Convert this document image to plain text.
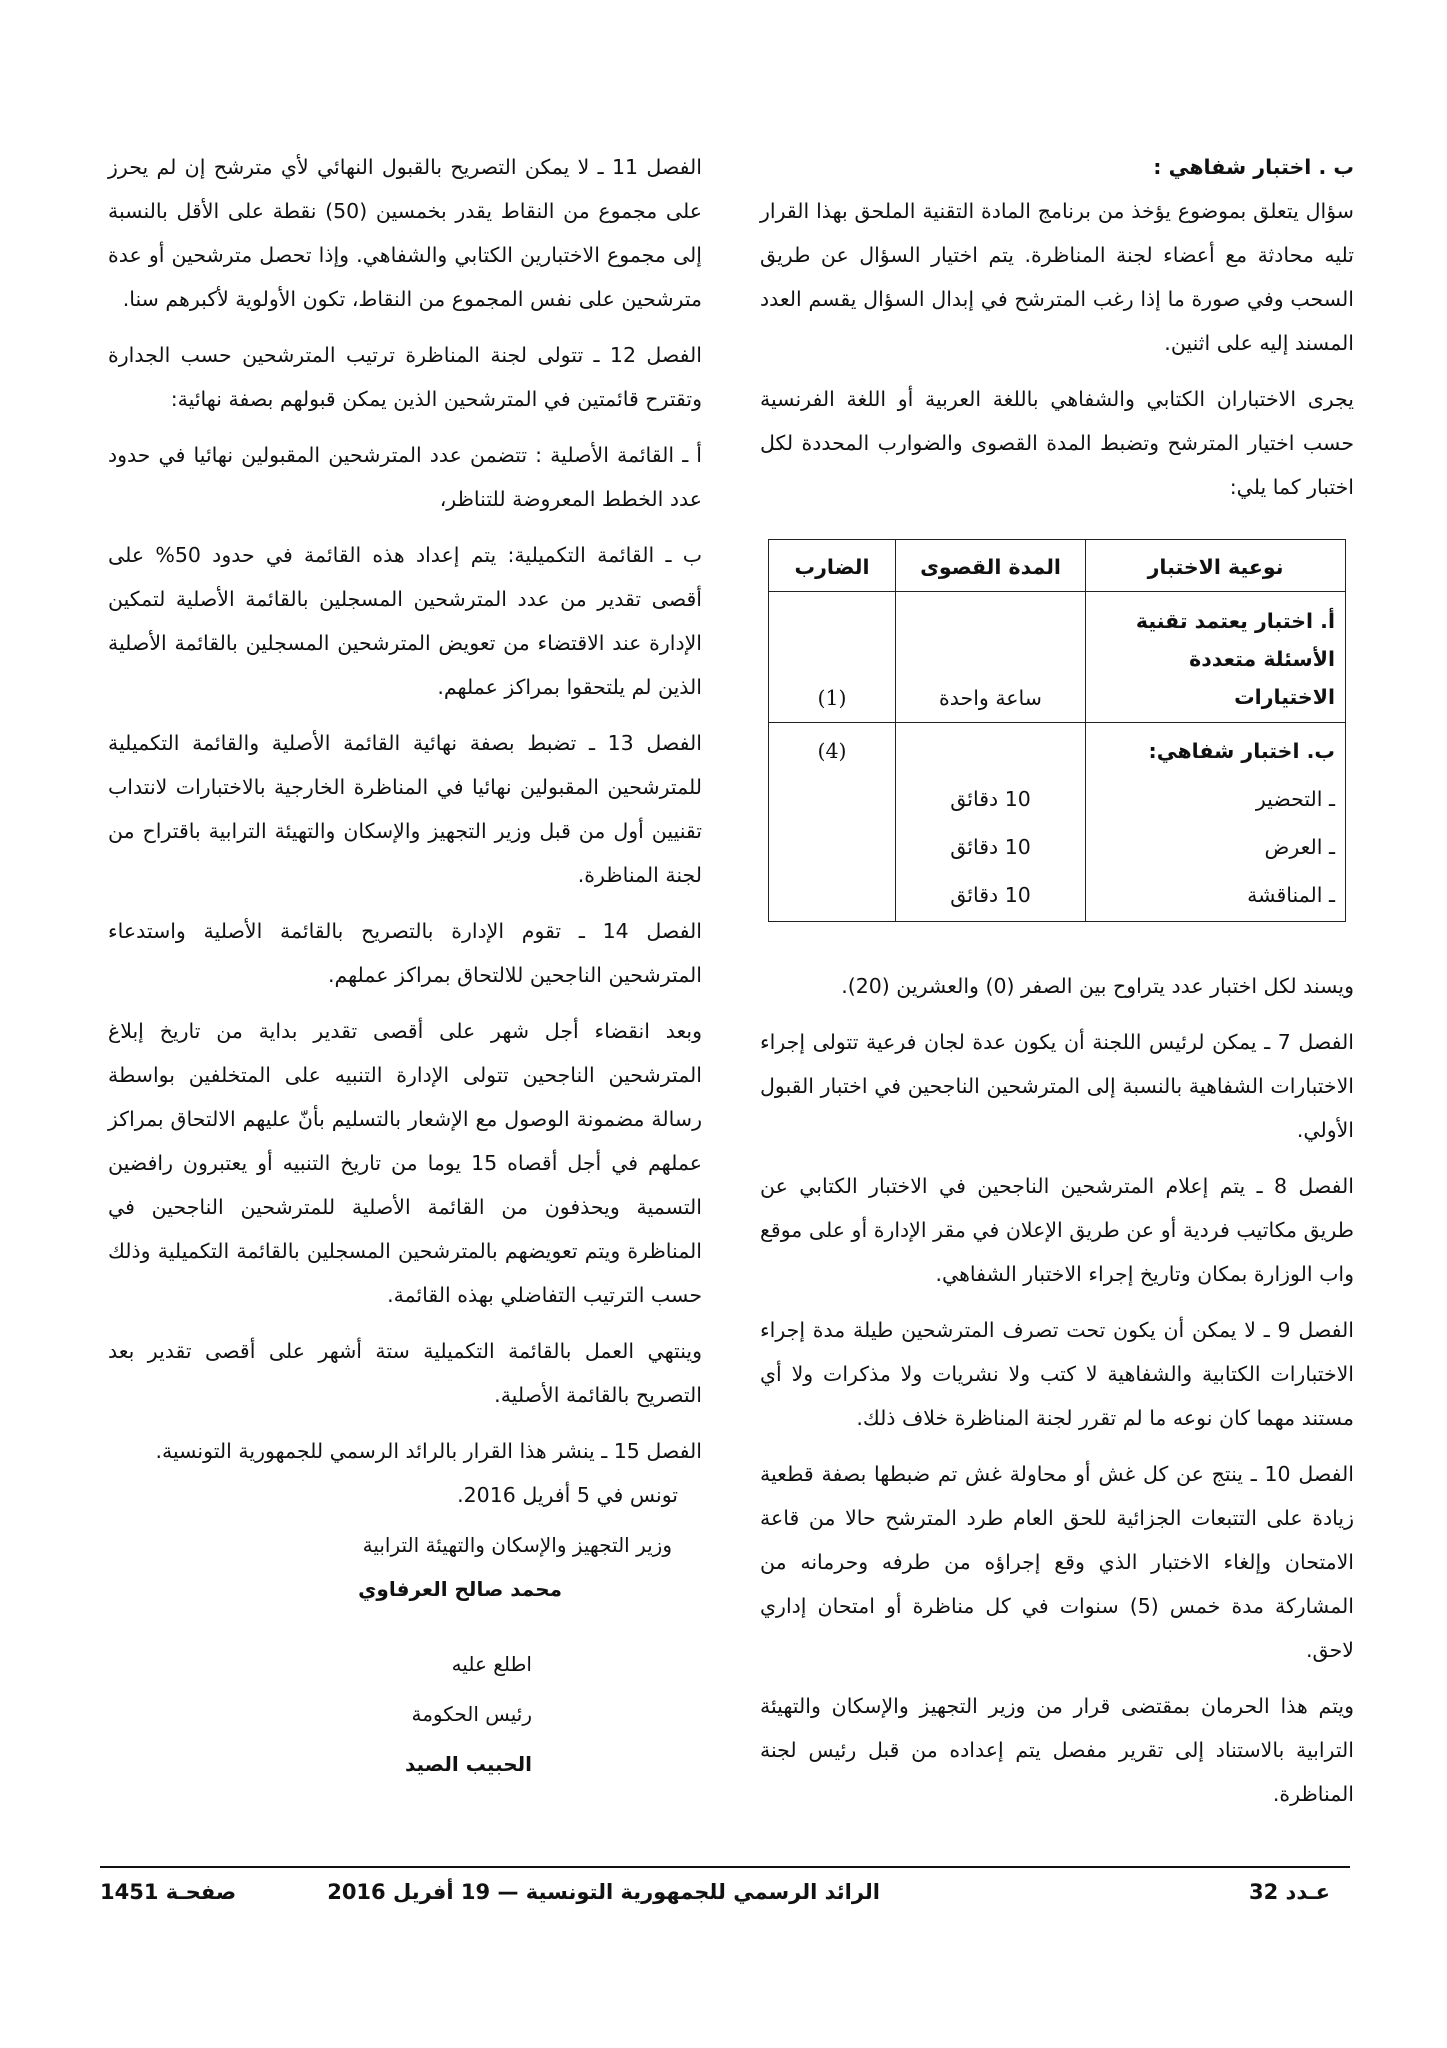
ب . اختبار شفاهي :

سؤال يتعلق بموضوع يؤخذ من برنامج المادة التقنية الملحق بهذا القرار تليه محادثة مع أعضاء لجنة المناظرة. يتم اختيار السؤال عن طريق السحب وفي صورة ما إذا رغب المترشح في إبدال السؤال يقسم العدد المسند إليه على اثنين.

يجرى الاختباران الكتابي والشفاهي باللغة العربية أو اللغة الفرنسية حسب اختيار المترشح وتضبط المدة القصوى والضوارب المحددة لكل اختبار كما يلي:

نوعية الاختبار	المدة القصوى	الضارب
أ. اختبار يعتمد تقنية الأسئلة متعددة الاختيارات	ساعة واحدة	(1)
ب. اختبار شفاهي:		(4)
ـ التحضير	10 دقائق	
ـ العرض	10 دقائق	
ـ المناقشة	10 دقائق	

ويسند لكل اختبار عدد يتراوح بين الصفر (0) والعشرين (20).

الفصل 7 ـ يمكن لرئيس اللجنة أن يكون عدة لجان فرعية تتولى إجراء الاختبارات الشفاهية بالنسبة إلى المترشحين الناجحين في اختبار القبول الأولي.

الفصل 8 ـ يتم إعلام المترشحين الناجحين في الاختبار الكتابي عن طريق مكاتيب فردية أو عن طريق الإعلان في مقر الإدارة أو على موقع واب الوزارة بمكان وتاريخ إجراء الاختبار الشفاهي.

الفصل 9 ـ لا يمكن أن يكون تحت تصرف المترشحين طيلة مدة إجراء الاختبارات الكتابية والشفاهية لا كتب ولا نشريات ولا مذكرات ولا أي مستند مهما كان نوعه ما لم تقرر لجنة المناظرة خلاف ذلك.

الفصل 10 ـ ينتج عن كل غش أو محاولة غش تم ضبطها بصفة قطعية زيادة على التتبعات الجزائية للحق العام طرد المترشح حالا من قاعة الامتحان وإلغاء الاختبار الذي وقع إجراؤه من طرفه وحرمانه من المشاركة مدة خمس (5) سنوات في كل مناظرة أو امتحان إداري لاحق.

ويتم هذا الحرمان بمقتضى قرار من وزير التجهيز والإسكان والتهيئة الترابية بالاستناد إلى تقرير مفصل يتم إعداده من قبل رئيس لجنة المناظرة.

الفصل 11 ـ لا يمكن التصريح بالقبول النهائي لأي مترشح إن لم يحرز على مجموع من النقاط يقدر بخمسين (50) نقطة على الأقل بالنسبة إلى مجموع الاختبارين الكتابي والشفاهي. وإذا تحصل مترشحين أو عدة مترشحين على نفس المجموع من النقاط، تكون الأولوية لأكبرهم سنا.

الفصل 12 ـ تتولى لجنة المناظرة ترتيب المترشحين حسب الجدارة وتقترح قائمتين في المترشحين الذين يمكن قبولهم بصفة نهائية:

أ ـ القائمة الأصلية : تتضمن عدد المترشحين المقبولين نهائيا في حدود عدد الخطط المعروضة للتناظر،

ب ـ القائمة التكميلية: يتم إعداد هذه القائمة في حدود 50% على أقصى تقدير من عدد المترشحين المسجلين بالقائمة الأصلية لتمكين الإدارة عند الاقتضاء من تعويض المترشحين المسجلين بالقائمة الأصلية الذين لم يلتحقوا بمراكز عملهم.

الفصل 13 ـ تضبط بصفة نهائية القائمة الأصلية والقائمة التكميلية للمترشحين المقبولين نهائيا في المناظرة الخارجية بالاختبارات لانتداب تقنيين أول من قبل وزير التجهيز والإسكان والتهيئة الترابية باقتراح من لجنة المناظرة.

الفصل 14 ـ تقوم الإدارة بالتصريح بالقائمة الأصلية واستدعاء المترشحين الناجحين للالتحاق بمراكز عملهم.

وبعد انقضاء أجل شهر على أقصى تقدير بداية من تاريخ إبلاغ المترشحين الناجحين تتولى الإدارة التنبيه على المتخلفين بواسطة رسالة مضمونة الوصول مع الإشعار بالتسليم بأنّ عليهم الالتحاق بمراكز عملهم في أجل أقصاه 15 يوما من تاريخ التنبيه أو يعتبرون رافضين التسمية ويحذفون من القائمة الأصلية للمترشحين الناجحين في المناظرة ويتم تعويضهم بالمترشحين المسجلين بالقائمة التكميلية وذلك حسب الترتيب التفاضلي بهذه القائمة.

وينتهي العمل بالقائمة التكميلية ستة أشهر على أقصى تقدير بعد التصريح بالقائمة الأصلية.

الفصل 15 ـ ينشر هذا القرار بالرائد الرسمي للجمهورية التونسية.

تونس في 5 أفريل 2016.

وزير التجهيز والإسكان والتهيئة الترابية
محمد صالح العرفاوي
اطلع عليه
رئيس الحكومة
الحبيب الصيد
عـدد 32
الرائد الرسمي للجمهورية التونسية — 19 أفريل 2016
صفحـة 1451
